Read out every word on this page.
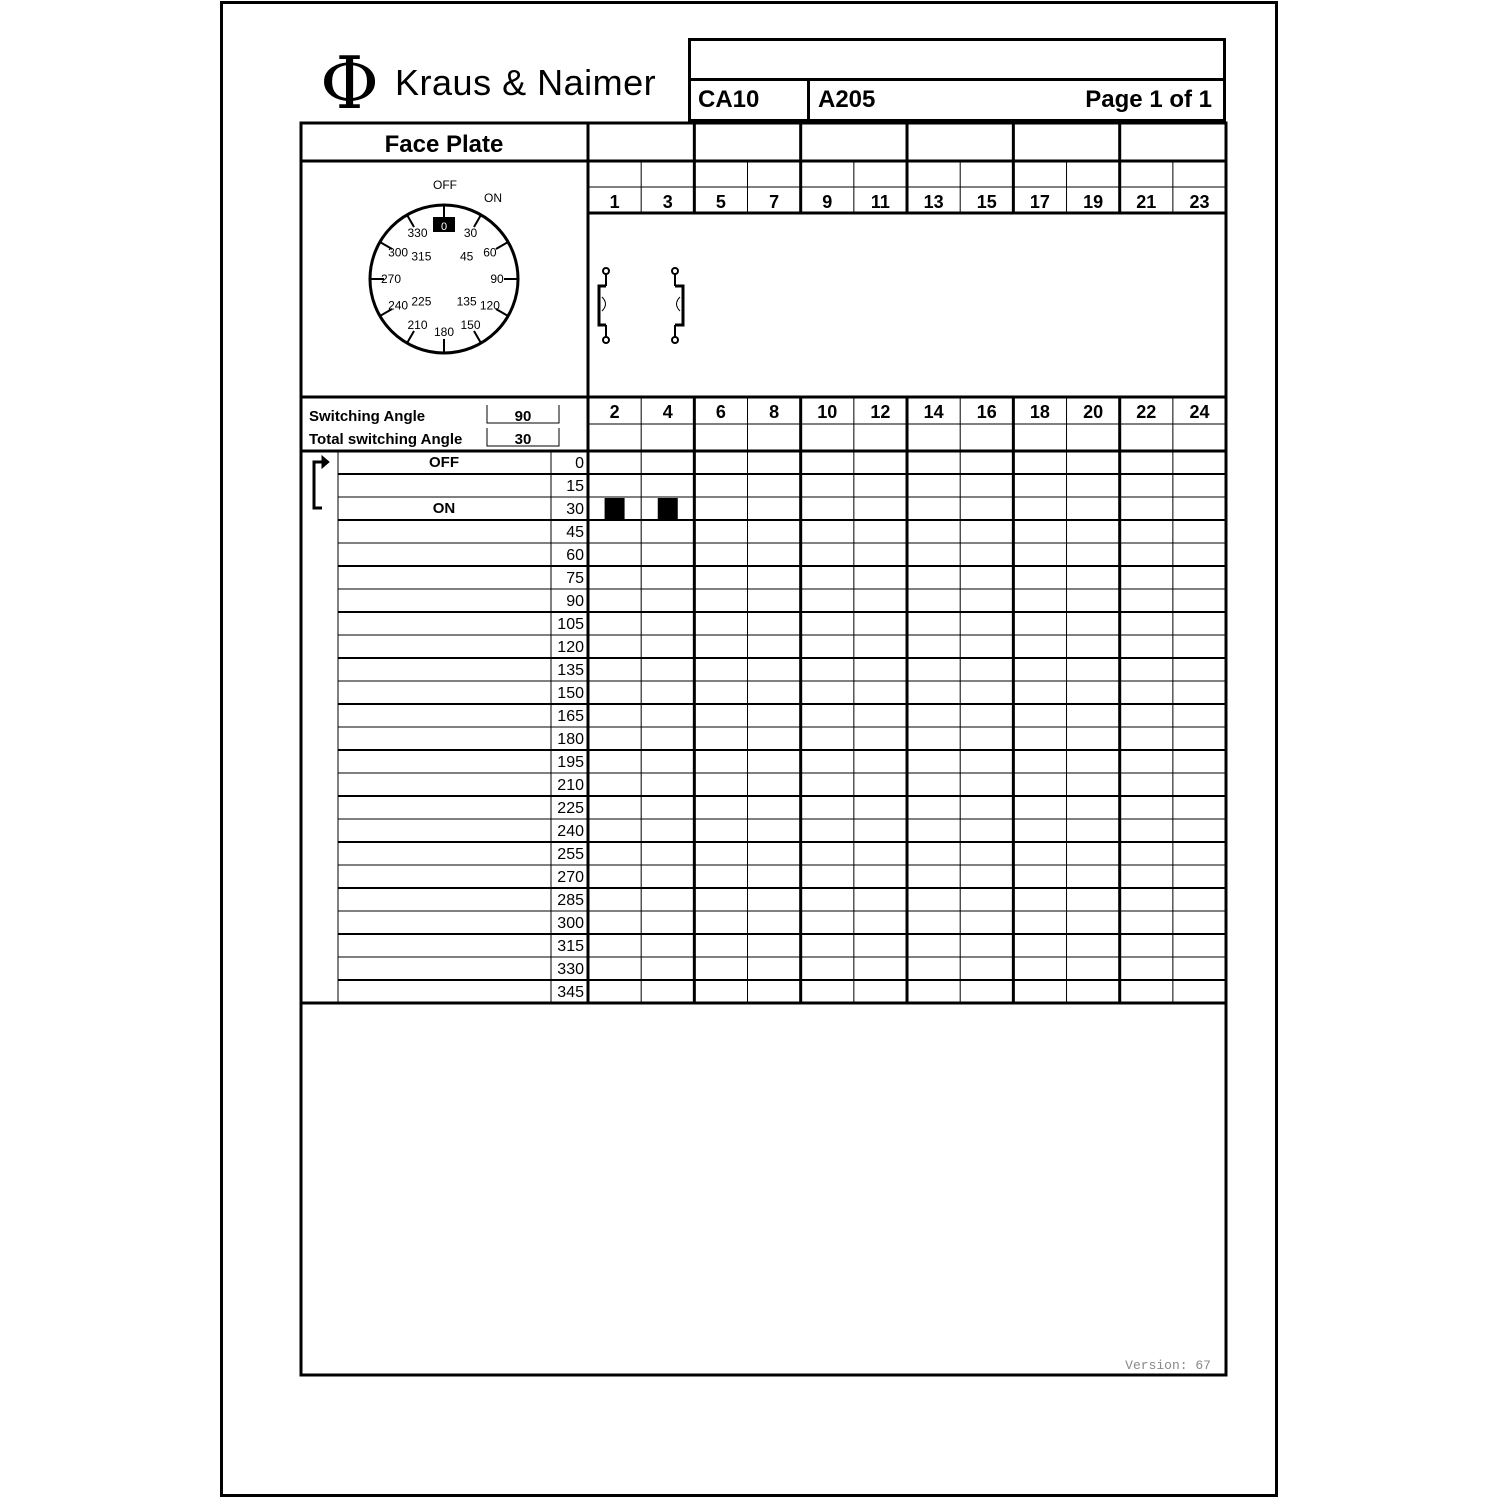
Φ Kraus & Naimer CA10 A205	Page 1 of 1
Face Plate
1 3 5 7 9 11 13 15 17 19 21 23
2 4 6 8 10 12 14 16 18 20 22 24
0
OFF
15
30
ON
45
60
75
90
105
120
135
150
165
180
195
210
225
240
255
270
285
300
315
330
345
0 30
45 60
90
120
135
150
180
210
225
240
270
300 315
330
OFF
ON
Switching Angle
Total switching Angle
90
30
Version: 67
